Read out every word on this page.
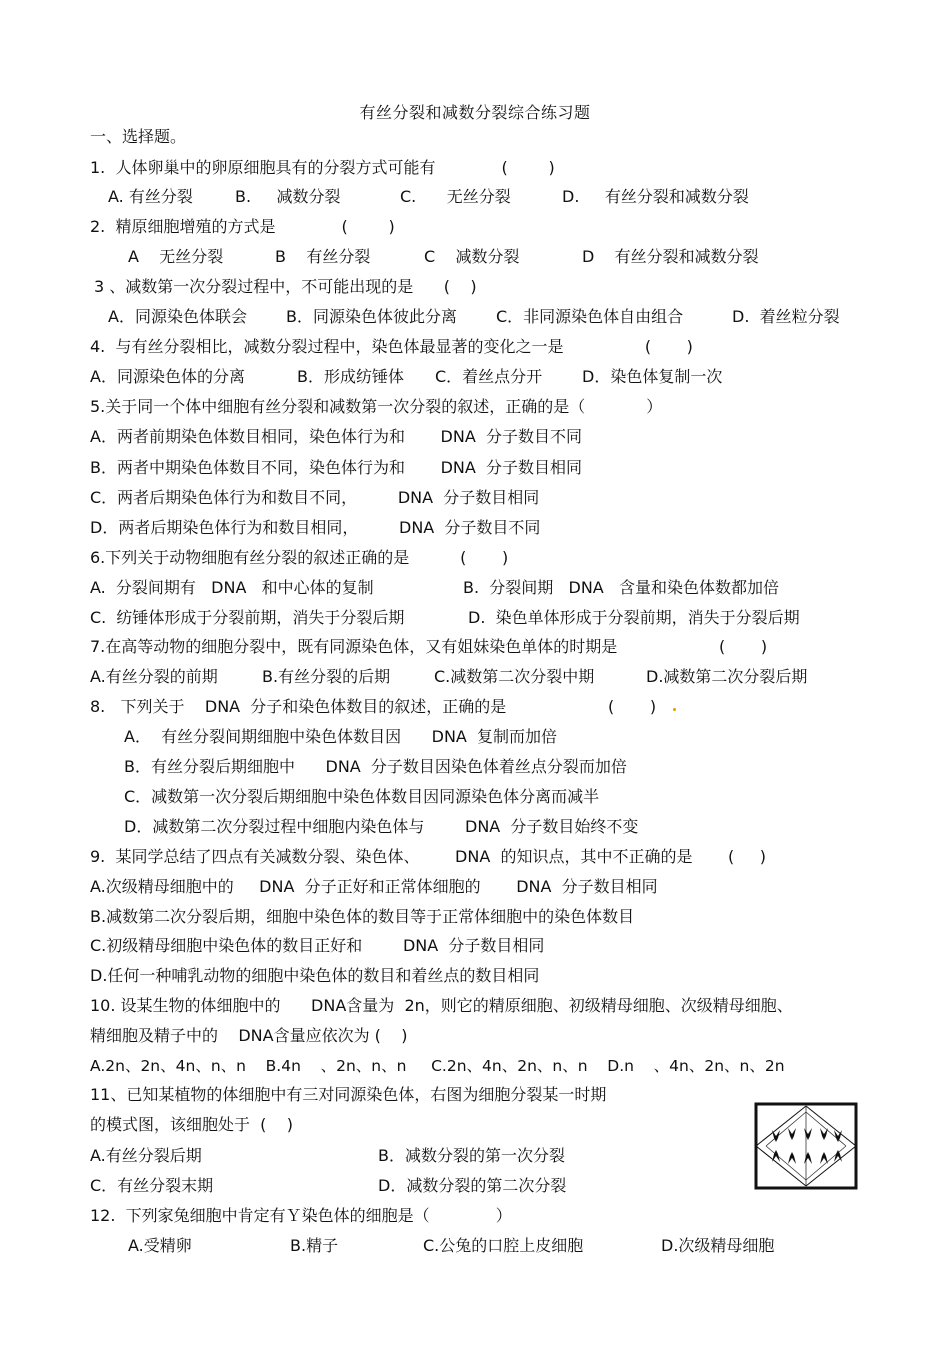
有丝分裂和减数分裂综合练习题
一、选择题。
1.  人体卵巢中的卵原细胞具有的分裂方式可能有             (        )
A. 有丝分裂	B.     减数分裂	C.      无丝分裂	D.     有丝分裂和减数分裂
2.  精原细胞增殖的方式是             (        )
A    无丝分裂	B    有丝分裂	C    减数分裂	D    有丝分裂和减数分裂
3 、减数第一次分裂过程中，不可能出现的是      (    )
A．同源染色体联会 B．同源染色体彼此分离 C．非同源染色体自由组合	D.  着丝粒分裂
4.  与有丝分裂相比，减数分裂过程中，染色体最显著的变化之一是                (       )
A．同源染色体的分离	B．形成纺锤体 C．着丝点分开 D．染色体复制一次
5.关于同一个体中细胞有丝分裂和减数第一次分裂的叙述，正确的是（            ）
A．两者前期染色体数目相同，染色体行为和       DNA  分子数目不同
B．两者中期染色体数目不同，染色体行为和       DNA  分子数目相同
C．两者后期染色体行为和数目不同，        DNA  分子数目相同
D．两者后期染色体行为和数目相同，        DNA  分子数目不同
6.下列关于动物细胞有丝分裂的叙述正确的是          (       )
A.  分裂间期有   DNA   和中心体的复制	B.  分裂间期   DNA   含量和染色体数都加倍
C.  纺锤体形成于分裂前期，消失于分裂后期	D.  染色单体形成于分裂前期，消失于分裂后期
7.在高等动物的细胞分裂中，既有同源染色体，又有姐妹染色单体的时期是                    (       )
A.有丝分裂的前期	B.有丝分裂的后期	C.减数第二次分裂中期	D.减数第二次分裂后期
8.   下列关于    DNA  分子和染色体数目的叙述，正确的是                    (       )
A．  有丝分裂间期细胞中染色体数目因      DNA  复制而加倍
B．有丝分裂后期细胞中      DNA  分子数目因染色体着丝点分裂而加倍
C．减数第一次分裂后期细胞中染色体数目因同源染色体分离而减半
D．减数第二次分裂过程中细胞内染色体与        DNA  分子数目始终不变
9.  某同学总结了四点有关减数分裂、染色体、       DNA  的知识点，其中不正确的是       (     )
A.次级精母细胞中的     DNA  分子正好和正常体细胞的       DNA  分子数目相同
B.减数第二次分裂后期，细胞中染色体的数目等于正常体细胞中的染色体数目
C.初级精母细胞中染色体的数目正好和        DNA  分子数目相同
D.任何一种哺乳动物的细胞中染色体的数目和着丝点的数目相同
10. 设某生物的体细胞中的      DNA含量为  2n，则它的精原细胞、初级精母细胞、次级精母细胞、
精细胞及精子中的    DNA含量应依次为 (    )
A.2n、2n、4n、n、n    B.4n    、2n、n、n     C.2n、4n、2n、n、n    D.n    、4n、2n、n、2n
11、已知某植物的体细胞中有三对同源染色体，右图为细胞分裂某一时期
的模式图，该细胞处于  (    )
A.有丝分裂后期	B．减数分裂的第一次分裂
C．有丝分裂末期	D．减数分裂的第二次分裂
12.  下列家兔细胞中肯定有Ｙ染色体的细胞是（             ）
A.受精卵	B.精子	C.公兔的口腔上皮细胞	D.次级精母细胞
